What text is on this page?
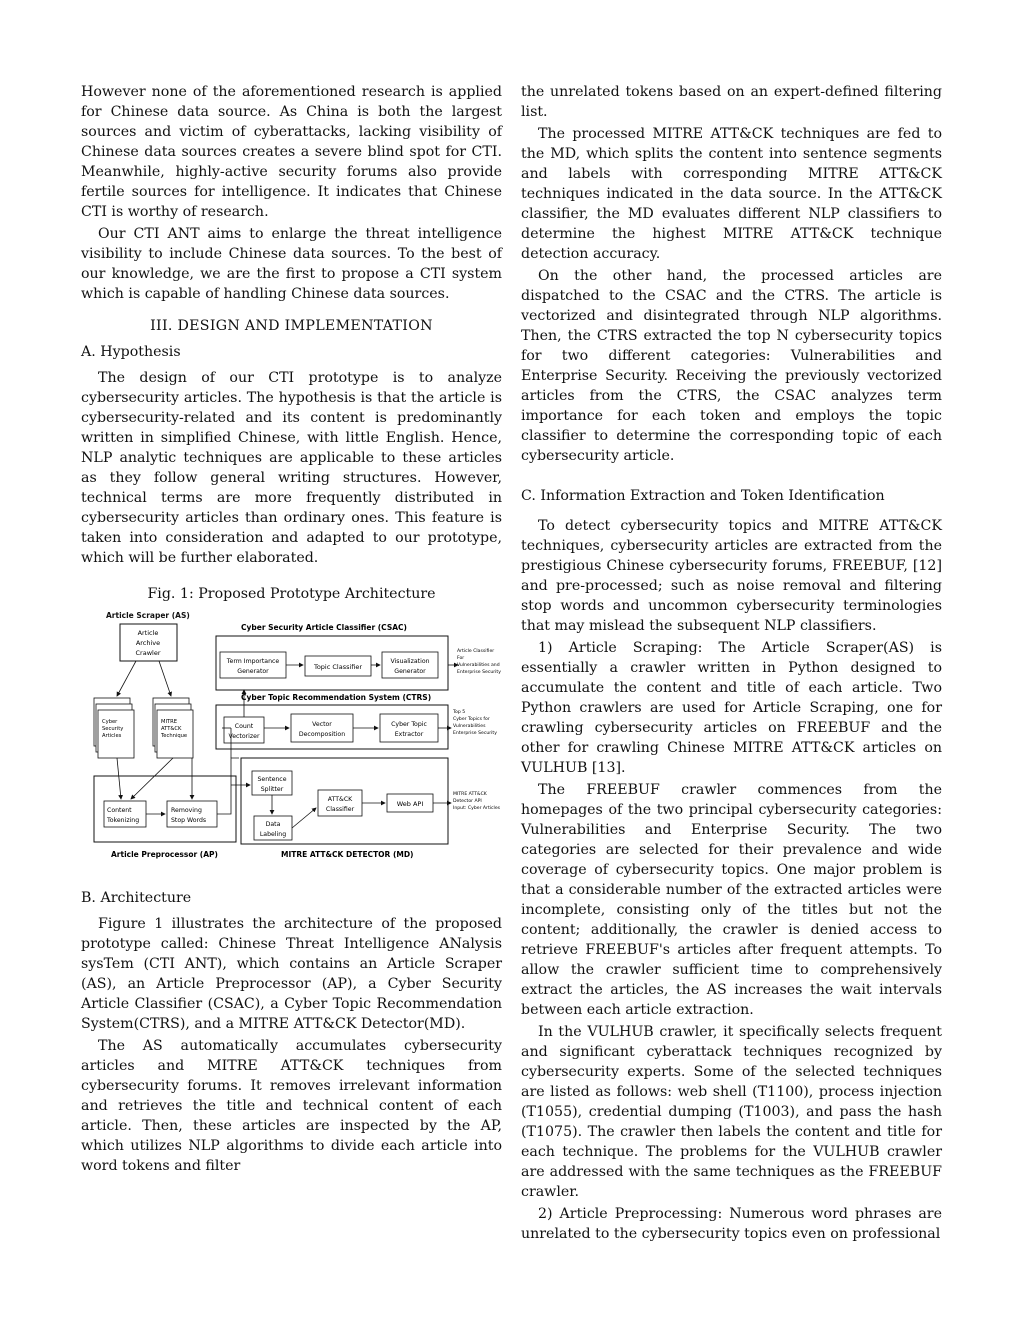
However none of the aforementioned research is applied for Chinese data source. As China is both the largest sources and victim of cyberattacks, lacking visibility of Chinese data sources creates a severe blind spot for CTI. Meanwhile, highly-active security forums also provide fertile sources for intelligence. It indicates that Chinese CTI is worthy of research.

Our CTI ANT aims to enlarge the threat intelligence visibility to include Chinese data sources. To the best of our knowledge, we are the first to propose a CTI system which is capable of handling Chinese data sources.

III. DESIGN AND IMPLEMENTATION
A. Hypothesis

The design of our CTI prototype is to analyze cybersecurity articles. The hypothesis is that the article is cybersecurity-related and its content is predominantly written in simplified Chinese, with little English. Hence, NLP analytic techniques are applicable to these articles as they follow general writing structures. However, technical terms are more frequently distributed in cybersecurity articles than ordinary ones. This feature is taken into consideration and adapted to our prototype, which will be further elaborated.

Fig. 1: Proposed Prototype Architecture
Article Scraper (AS)
Article
Archive
Crawler
Cyber
Security
Articles
MITRE
ATT&CK
Technique
Cyber Security Article Classifier (CSAC)
Term Importance
Generator
Topic Classifier
Visualization
Generator
Article Classifier
For
Vulnerabilities and
Enterprise Security
Cyber Topic Recommendation System (CTRS)
Count
Vectorizer
Vector
Decomposition
Cyber Topic
Extractor
Top 5
Cyber Topics for
Vulnerabilities
Enterprise Security
Sentence
Splitter
ATT&CK
Classifier
Web API
MITRE ATT&CK
Detector API
Input: Cyber Articles
Data
Labeling
Content
Tokenizing
Removing
Stop Words
Article Preprocessor (AP)	MITRE ATT&CK DETECTOR (MD)
B. Architecture

Figure 1 illustrates the architecture of the proposed prototype called: Chinese Threat Intelligence ANalysis sysTem (CTI ANT), which contains an Article Scraper (AS), an Article Preprocessor (AP), a Cyber Security Article Classifier (CSAC), a Cyber Topic Recommendation System(CTRS), and a MITRE ATT&CK Detector(MD).

The AS automatically accumulates cybersecurity articles and MITRE ATT&CK techniques from cybersecurity forums. It removes irrelevant information and retrieves the title and technical content of each article. Then, these articles are inspected by the AP, which utilizes NLP algorithms to divide each article into word tokens and filter

the unrelated tokens based on an expert-defined filtering list.

The processed MITRE ATT&CK techniques are fed to the MD, which splits the content into sentence segments and labels with corresponding MITRE ATT&CK techniques indicated in the data source. In the ATT&CK classifier, the MD evaluates different NLP classifiers to determine the highest MITRE ATT&CK technique detection accuracy.

On the other hand, the processed articles are dispatched to the CSAC and the CTRS. The article is vectorized and disintegrated through NLP algorithms. Then, the CTRS extracted the top N cybersecurity topics for two different categories: Vulnerabilities and Enterprise Security. Receiving the previously vectorized articles from the CTRS, the CSAC analyzes term importance for each token and employs the topic classifier to determine the corresponding topic of each cybersecurity article.

C. Information Extraction and Token Identification

To detect cybersecurity topics and MITRE ATT&CK techniques, cybersecurity articles are extracted from the prestigious Chinese cybersecurity forums, FREEBUF, [12] and pre-processed; such as noise removal and filtering stop words and uncommon cybersecurity terminologies that may mislead the subsequent NLP classifiers.

1) Article Scraping: The Article Scraper(AS) is essentially a crawler written in Python designed to accumulate the content and title of each article. Two Python crawlers are used for Article Scraping, one for crawling cybersecurity articles on FREEBUF and the other for crawling Chinese MITRE ATT&CK articles on VULHUB [13].

The FREEBUF crawler commences from the homepages of the two principal cybersecurity categories: Vulnerabilities and Enterprise Security. The two categories are selected for their prevalence and wide coverage of cybersecurity topics. One major problem is that a considerable number of the extracted articles were incomplete, consisting only of the titles but not the content; additionally, the crawler is denied access to retrieve FREEBUF's articles after frequent attempts. To allow the crawler sufficient time to comprehensively extract the articles, the AS increases the wait intervals between each article extraction.

In the VULHUB crawler, it specifically selects frequent and significant cyberattack techniques recognized by cybersecurity experts. Some of the selected techniques are listed as follows: web shell (T1100), process injection (T1055), credential dumping (T1003), and pass the hash (T1075). The crawler then labels the content and title for each technique. The problems for the VULHUB crawler are addressed with the same techniques as the FREEBUF crawler.

2) Article Preprocessing: Numerous word phrases are unrelated to the cybersecurity topics even on professional
